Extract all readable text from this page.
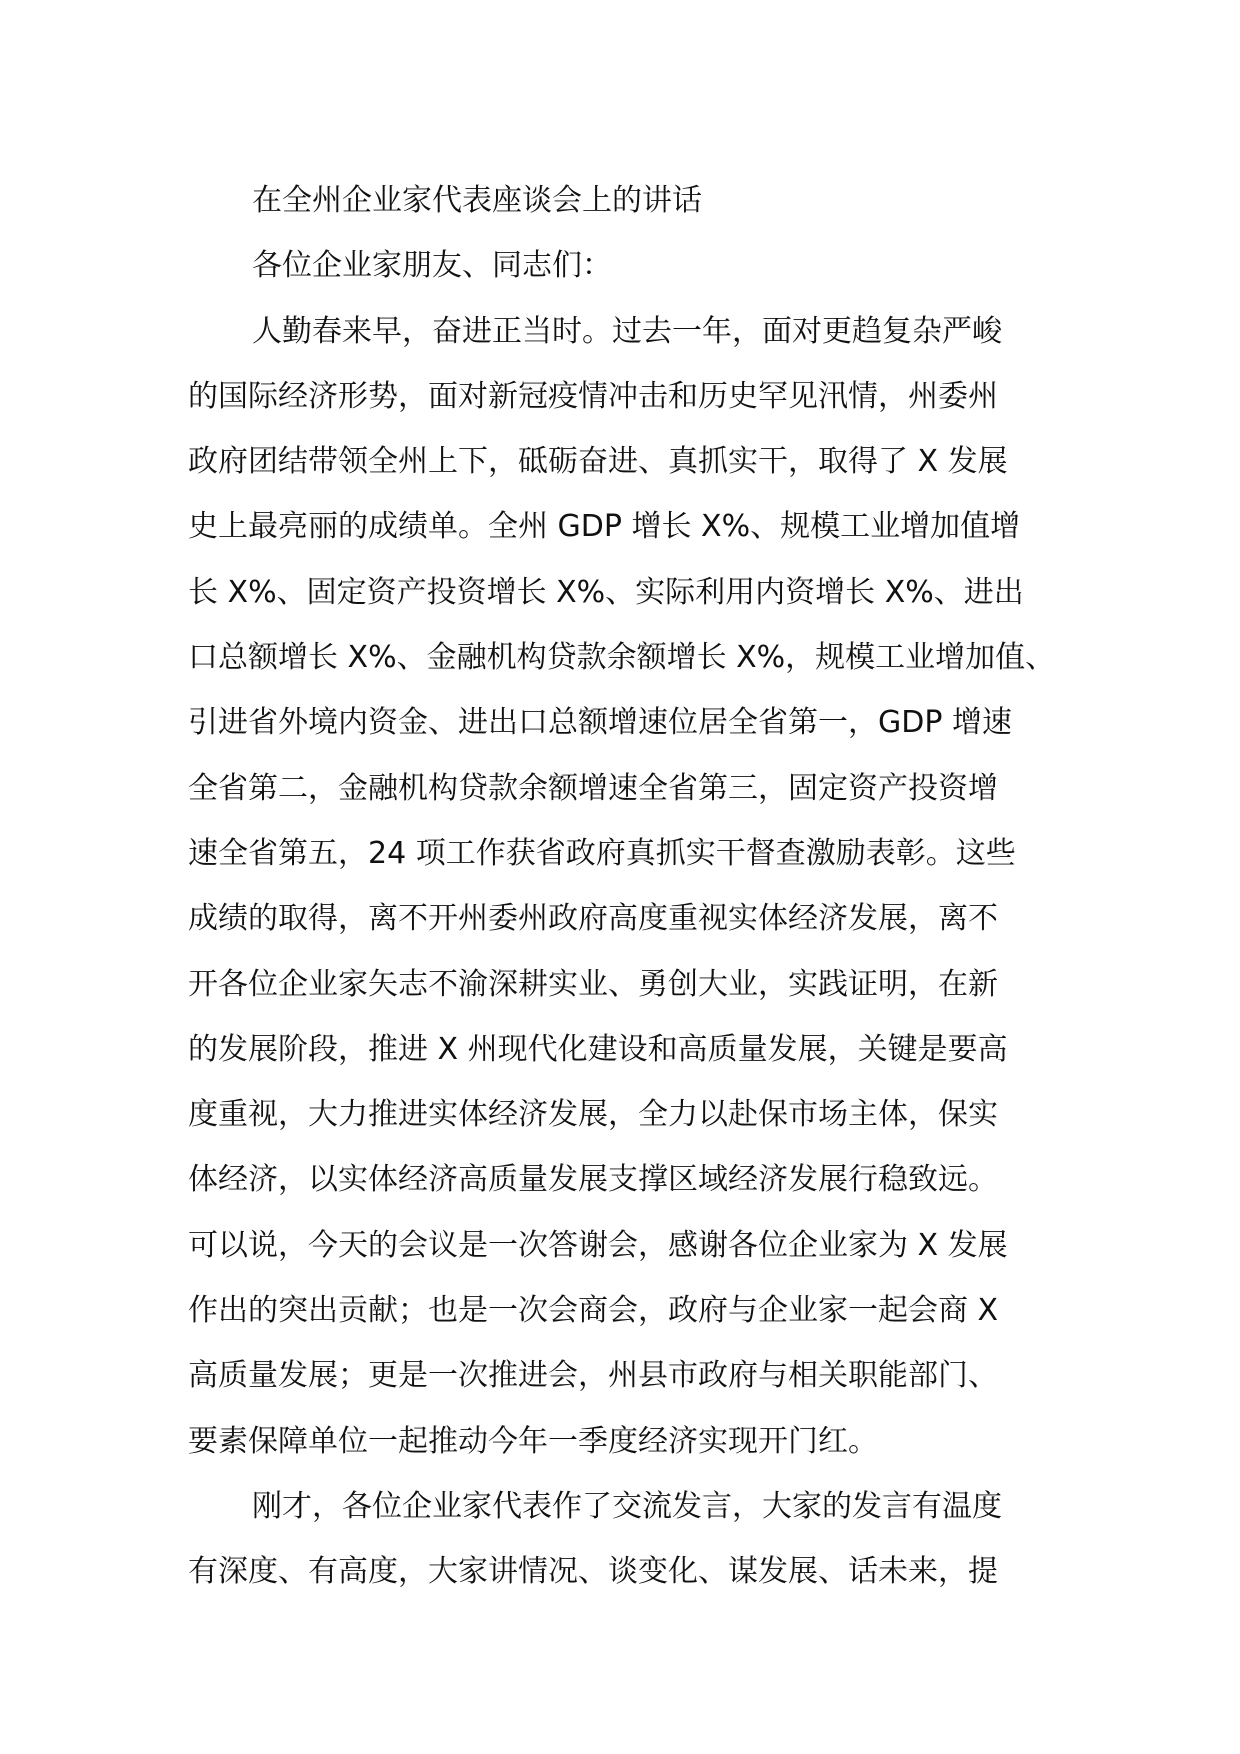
在全州企业家代表座谈会上的讲话
各位企业家朋友、同志们：
人勤春来早，奋进正当时。过去一年，面对更趋复杂严峻
的国际经济形势，面对新冠疫情冲击和历史罕见汛情，州委州
政府团结带领全州上下，砥砺奋进、真抓实干，取得了 X 发展
史上最亮丽的成绩单。全州 GDP 增长 X%、规模工业增加值增
长 X%、固定资产投资增长 X%、实际利用内资增长 X%、进出
口总额增长 X%、金融机构贷款余额增长 X%，规模工业增加值、
引进省外境内资金、进出口总额增速位居全省第一，GDP 增速
全省第二，金融机构贷款余额增速全省第三，固定资产投资增
速全省第五，24 项工作获省政府真抓实干督查激励表彰。这些
成绩的取得，离不开州委州政府高度重视实体经济发展，离不
开各位企业家矢志不渝深耕实业、勇创大业，实践证明，在新
的发展阶段，推进 X 州现代化建设和高质量发展，关键是要高
度重视，大力推进实体经济发展，全力以赴保市场主体，保实
体经济，以实体经济高质量发展支撑区域经济发展行稳致远。
可以说，今天的会议是一次答谢会，感谢各位企业家为 X 发展
作出的突出贡献；也是一次会商会，政府与企业家一起会商 X
高质量发展；更是一次推进会，州县市政府与相关职能部门、
要素保障单位一起推动今年一季度经济实现开门红。
刚才，各位企业家代表作了交流发言，大家的发言有温度
有深度、有高度，大家讲情况、谈变化、谋发展、话未来，提
